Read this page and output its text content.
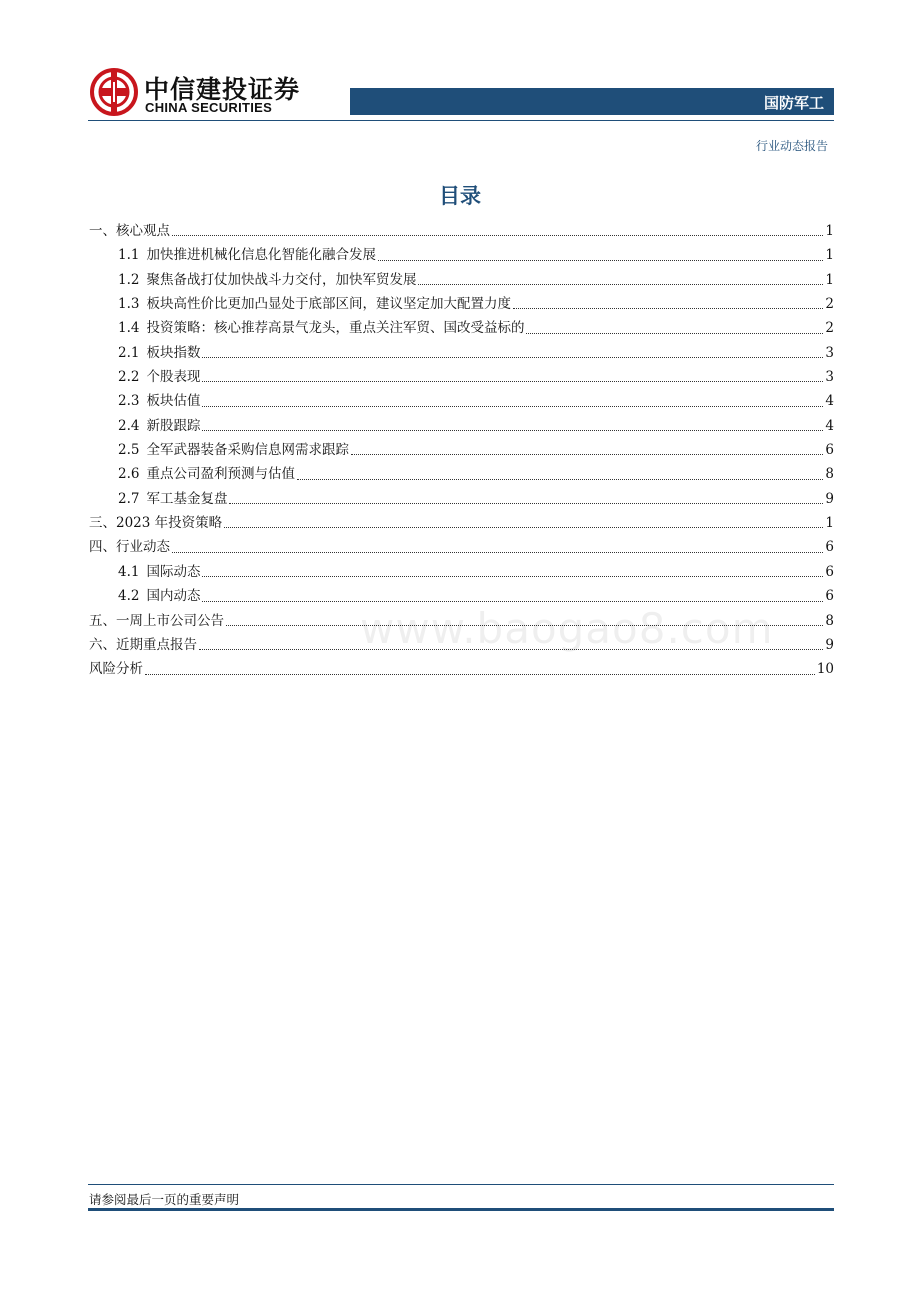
中信建投证券
CHINA SECURITIES	国防军工
行业动态报告
目录
一、核心观点	1
1.1 加快推进机械化信息化智能化融合发展	1
1.2 聚焦备战打仗加快战斗力交付，加快军贸发展	1
1.3 板块高性价比更加凸显处于底部区间，建议坚定加大配置力度	2
1.4 投资策略：核心推荐高景气龙头，重点关注军贸、国改受益标的	2
2.1 板块指数	3
2.2 个股表现	3
2.3 板块估值	4
2.4 新股跟踪	4
2.5 全军武器装备采购信息网需求跟踪	6
2.6 重点公司盈利预测与估值	8
2.7 军工基金复盘	9
三、2023 年投资策略	1
四、行业动态	6
4.1 国际动态	6
4.2 国内动态	6
五、一周上市公司公告	8
六、近期重点报告	9
风险分析	10
www.baogao8.com
请参阅最后一页的重要声明
